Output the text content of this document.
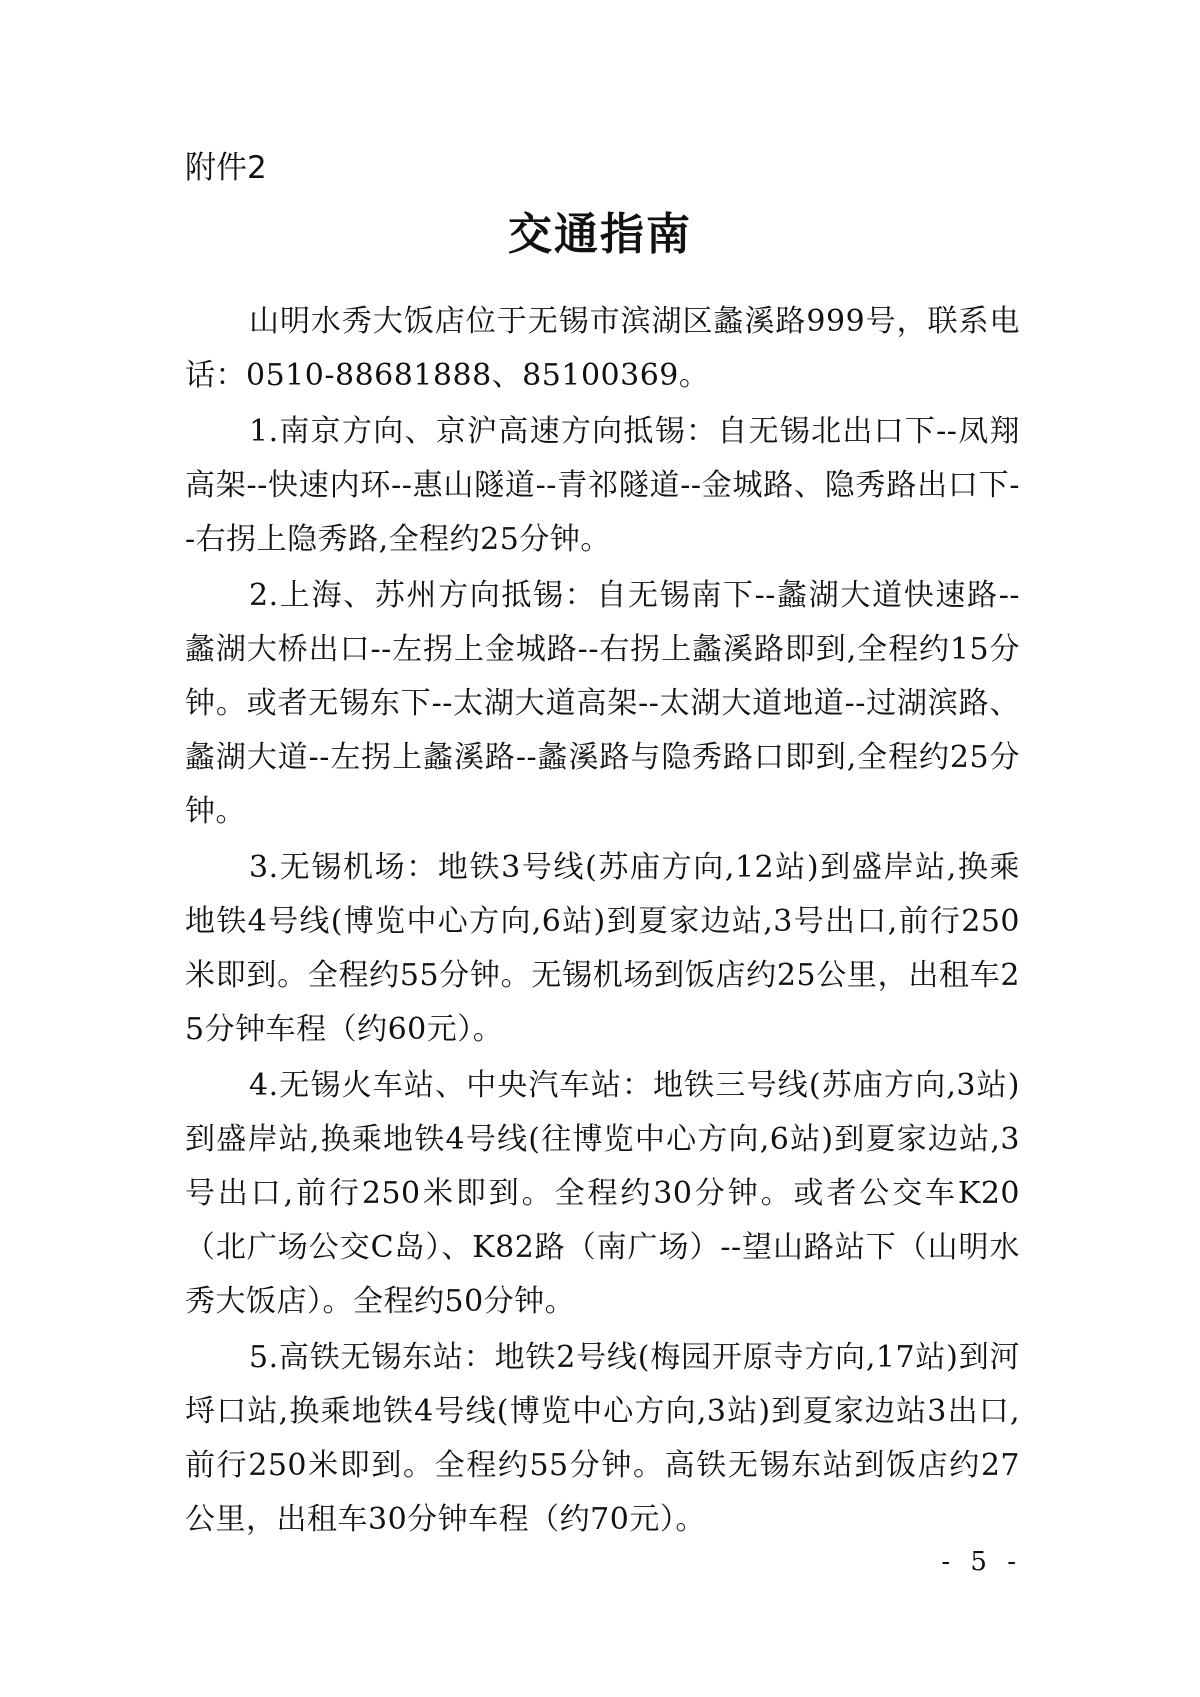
附件2
交通指南

山明水秀大饭店位于无锡市滨湖区蠡溪路999号，联系电话：0510-88681888、85100369。

1.南京方向、京沪高速方向抵锡：自无锡北出口下--凤翔高架--快速内环--惠山隧道--青祁隧道--金城路、隐秀路出口下--右拐上隐秀路,全程约25分钟。

2.上海、苏州方向抵锡：自无锡南下--蠡湖大道快速路--蠡湖大桥出口--左拐上金城路--右拐上蠡溪路即到,全程约15分钟。或者无锡东下--太湖大道高架--太湖大道地道--过湖滨路、蠡湖大道--左拐上蠡溪路--蠡溪路与隐秀路口即到,全程约25分钟。

3.无锡机场：地铁3号线(苏庙方向,12站)到盛岸站,换乘地铁4号线(博览中心方向,6站)到夏家边站,3号出口,前行250米即到。全程约55分钟。无锡机场到饭店约25公里，出租车25分钟车程（约60元）。

4.无锡火车站、中央汽车站：地铁三号线(苏庙方向,3站)到盛岸站,换乘地铁4号线(往博览中心方向,6站)到夏家边站,3号出口,前行250米即到。全程约30分钟。或者公交车K20（北广场公交C岛）、K82路（南广场）--望山路站下（山明水秀大饭店）。全程约50分钟。

5.高铁无锡东站：地铁2号线(梅园开原寺方向,17站)到河埒口站,换乘地铁4号线(博览中心方向,3站)到夏家边站3出口,前行250米即到。全程约55分钟。高铁无锡东站到饭店约27公里，出租车30分钟车程（约70元）。

- 5 -
